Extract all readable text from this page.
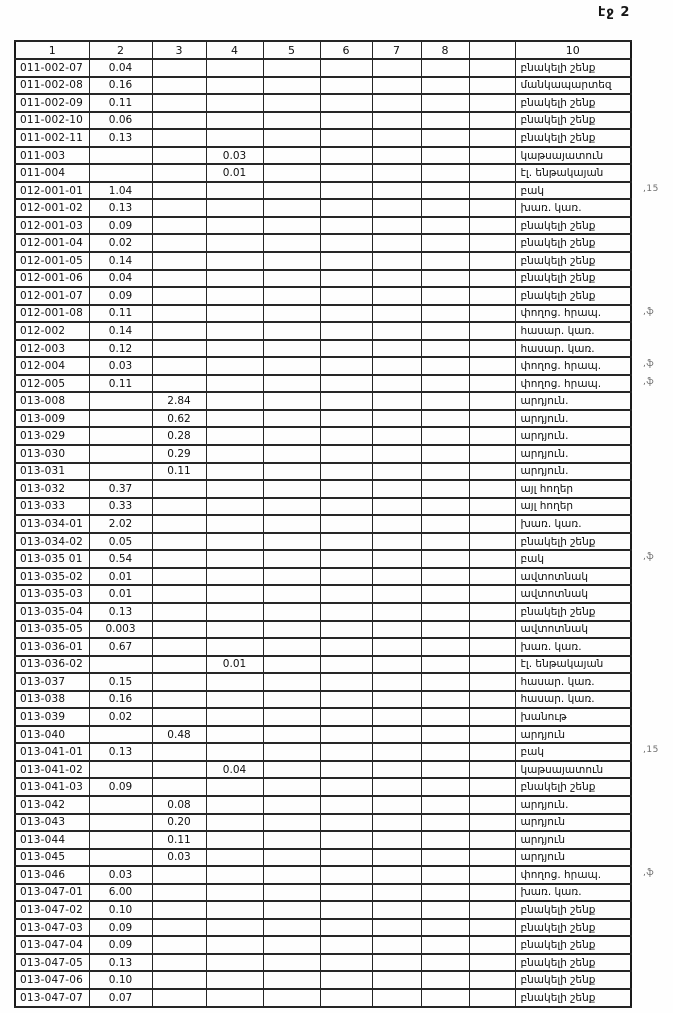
էջ 2
1	2	3	4	5	6	7	8		10
011-002-07	0.04								բնակելի շենք
011-002-08	0.16								մանկապարտեզ
011-002-09	0.11								բնակելի շենք
011-002-10	0.06								բնակելի շենք
011-002-11	0.13								բնակելի շենք
011-003			0.03						կաթսայատուն
011-004			0.01						էլ. ենթակայան
012-001-01	1.04								բակ
012-001-02	0.13								խառ. կառ.
012-001-03	0.09								բնակելի շենք
012-001-04	0.02								բնակելի շենք
012-001-05	0.14								բնակելի շենք
012-001-06	0.04								բնակելի շենք
012-001-07	0.09								բնակելի շենք
012-001-08	0.11								փողոց. հրապ.
012-002	0.14								հասար. կառ.
012-003	0.12								հասար. կառ.
012-004	0.03								փողոց. հրապ.
012-005	0.11								փողոց. հրապ.
013-008		2.84							արդյուն.
013-009		0.62							արդյուն.
013-029		0.28							արդյուն.
013-030		0.29							արդյուն.
013-031		0.11							արդյուն.
013-032	0.37								այլ հողեր
013-033	0.33								այլ հողեր
013-034-01	2.02								խառ. կառ.
013-034-02	0.05								բնակելի շենք
013-035 01	0.54								բակ
013-035-02	0.01								ավտոտնակ
013-035-03	0.01								ավտոտնակ
013-035-04	0.13								բնակելի շենք
013-035-05	0.003								ավտոտնակ
013-036-01	0.67								խառ. կառ.
013-036-02			0.01						էլ. ենթակայան
013-037	0.15								հասար. կառ.
013-038	0.16								հասար. կառ.
013-039	0.02								խանութ
013-040		0.48							արդյուն
013-041-01	0.13								բակ
013-041-02			0.04						կաթսայատուն
013-041-03	0.09								բնակելի շենք
013-042		0.08							արդյուն.
013-043		0.20							արդյուն
013-044		0.11							արդյուն
013-045		0.03							արդյուն
013-046	0.03								փողոց. հրապ.
013-047-01	6.00								խառ. կառ.
013-047-02	0.10								բնակելի շենք
013-047-03	0.09								բնակելի շենք
013-047-04	0.09								բնակելի շենք
013-047-05	0.13								բնակելի շենք
013-047-06	0.10								բնակելի շենք
013-047-07	0.07								բնակելի շենք
,15
,ֆ
,ֆ
,ֆ
,ֆ
,15
,ֆ
